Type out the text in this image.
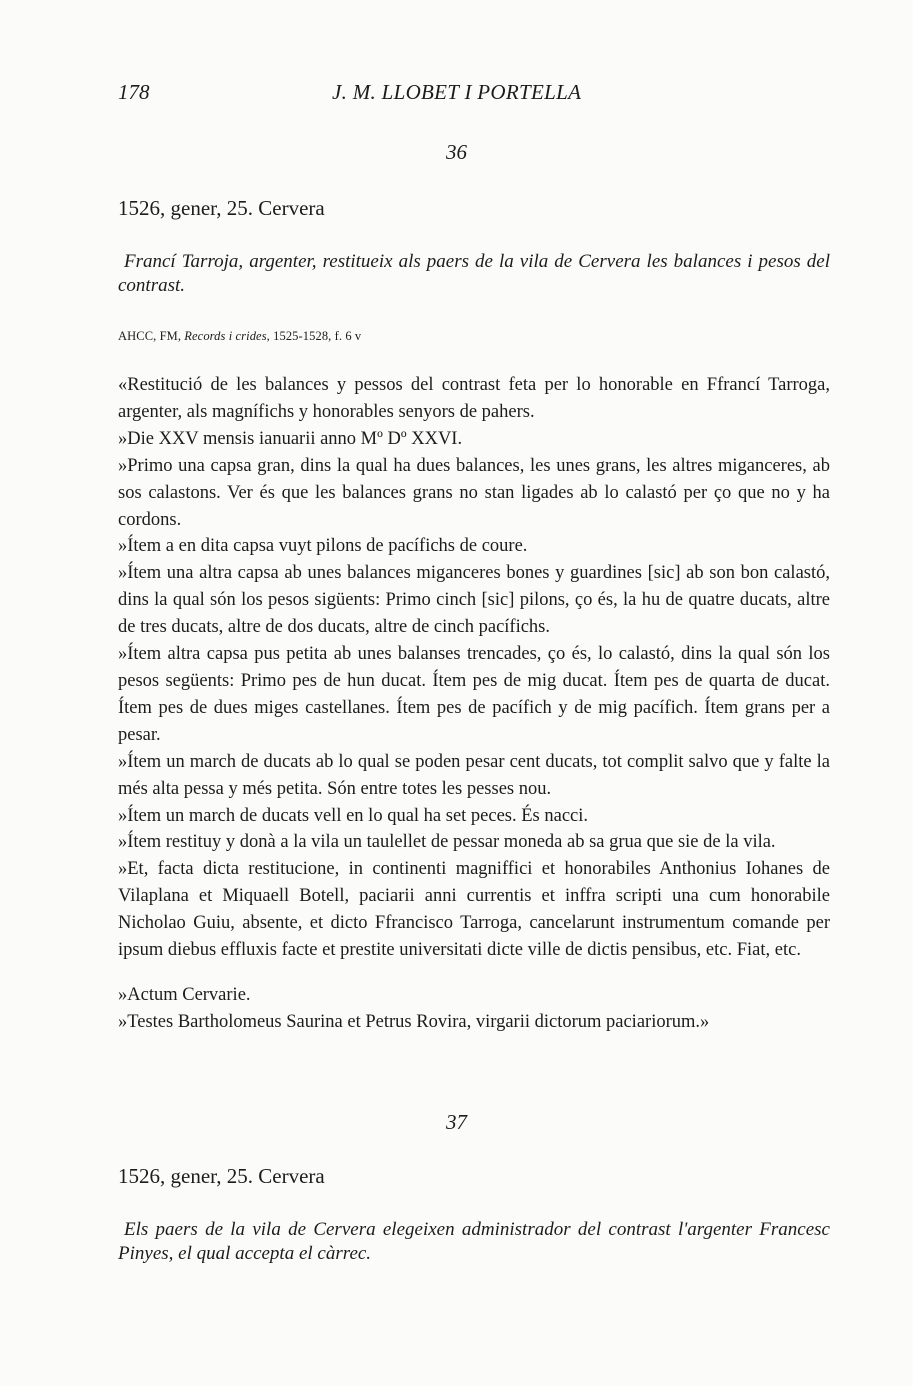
178	J. M. LLOBET I PORTELLA
36
1526, gener, 25. Cervera
Francí Tarroja, argenter, restitueix als paers de la vila de Cervera les balances i pesos del contrast.
AHCC, FM, Records i crides, 1525-1528, f. 6 v

«Restitució de les balances y pessos del contrast feta per lo honorable en Ffrancí Tarroga, argenter, als magnífichs y honorables senyors de pahers.

»Die XXV mensis ianuarii anno Mº Dº XXVI.

»Primo una capsa gran, dins la qual ha dues balances, les unes grans, les altres miganceres, ab sos calastons. Ver és que les balances grans no stan ligades ab lo calastó per ço que no y ha cordons.

»Ítem a en dita capsa vuyt pilons de pacífichs de coure.

»Ítem una altra capsa ab unes balances miganceres bones y guardines [sic] ab son bon calastó, dins la qual són los pesos sigüents: Primo cinch [sic] pilons, ço és, la hu de quatre ducats, altre de tres ducats, altre de dos ducats, altre de cinch pacífichs.

»Ítem altra capsa pus petita ab unes balanses trencades, ço és, lo calastó, dins la qual són los pesos següents: Primo pes de hun ducat. Ítem pes de mig ducat. Ítem pes de quarta de ducat. Ítem pes de dues miges castellanes. Ítem pes de pacífich y de mig pacífich. Ítem grans per a pesar.

»Ítem un march de ducats ab lo qual se poden pesar cent ducats, tot complit salvo que y falte la més alta pessa y més petita. Són entre totes les pesses nou.

»Ítem un march de ducats vell en lo qual ha set peces. És nacci.

»Ítem restituy y donà a la vila un taulellet de pessar moneda ab sa grua que sie de la vila.

»Et, facta dicta restitucione, in continenti magniffici et honorabiles Anthonius Iohanes de Vilaplana et Miquaell Botell, paciarii anni currentis et inffra scripti una cum honorabile Nicholao Guiu, absente, et dicto Ffrancisco Tarroga, cancelarunt instrumentum comande per ipsum diebus effluxis facte et prestite universitati dicte ville de dictis pensibus, etc. Fiat, etc.

»Actum Cervarie.

»Testes Bartholomeus Saurina et Petrus Rovira, virgarii dictorum paciariorum.»

37
1526, gener, 25. Cervera
Els paers de la vila de Cervera elegeixen administrador del contrast l'argenter Francesc Pinyes, el qual accepta el càrrec.
